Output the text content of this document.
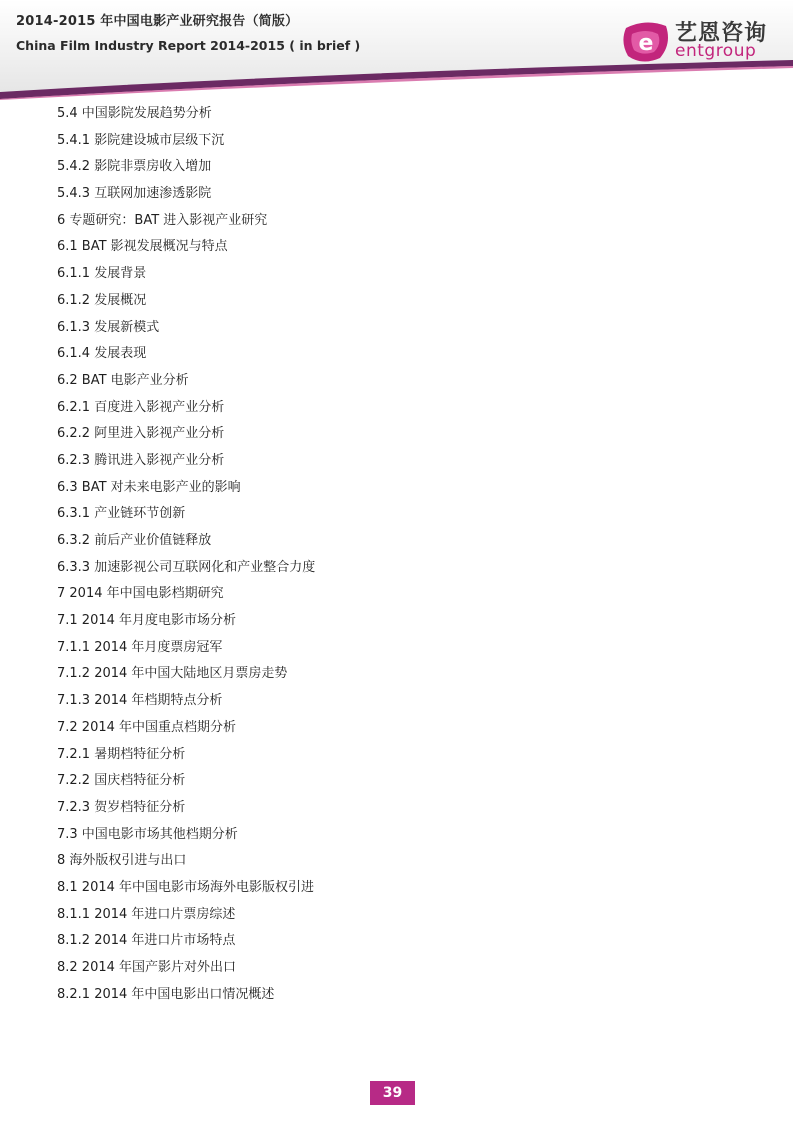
2014-2015 年中国电影产业研究报告（简版）
China Film Industry Report 2014-2015 ( in brief )	e 艺恩咨询
entgroup
5.4 中国影院发展趋势分析
5.4.1 影院建设城市层级下沉
5.4.2 影院非票房收入增加
5.4.3 互联网加速渗透影院
6 专题研究：BAT 进入影视产业研究
6.1 BAT 影视发展概况与特点
6.1.1 发展背景
6.1.2 发展概况
6.1.3 发展新模式
6.1.4 发展表现
6.2 BAT 电影产业分析
6.2.1 百度进入影视产业分析
6.2.2 阿里进入影视产业分析
6.2.3 腾讯进入影视产业分析
6.3 BAT 对未来电影产业的影响
6.3.1 产业链环节创新
6.3.2 前后产业价值链释放
6.3.3 加速影视公司互联网化和产业整合力度
7 2014 年中国电影档期研究
7.1 2014 年月度电影市场分析
7.1.1 2014 年月度票房冠军
7.1.2 2014 年中国大陆地区月票房走势
7.1.3 2014 年档期特点分析
7.2 2014 年中国重点档期分析
7.2.1 暑期档特征分析
7.2.2 国庆档特征分析
7.2.3 贺岁档特征分析
7.3 中国电影市场其他档期分析
8 海外版权引进与出口
8.1 2014 年中国电影市场海外电影版权引进
8.1.1 2014 年进口片票房综述
8.1.2 2014 年进口片市场特点
8.2 2014 年国产影片对外出口
8.2.1 2014 年中国电影出口情况概述
39
